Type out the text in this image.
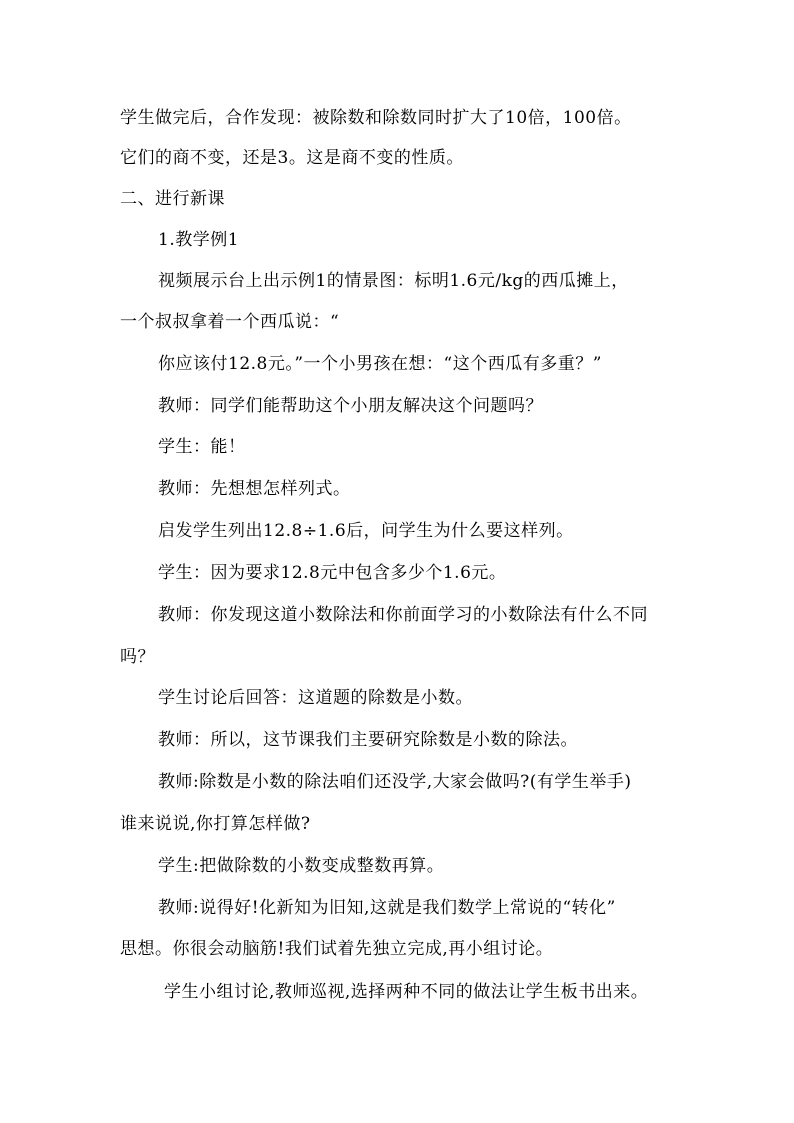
学生做完后，合作发现：被除数和除数同时扩大了10倍，100倍。
它们的商不变，还是3。这是商不变的性质。
二、进行新课
1.教学例1
视频展示台上出示例1的情景图：标明1.6元/kg的西瓜摊上，
一个叔叔拿着一个西瓜说：“
你应该付12.8元。”一个小男孩在想：“这个西瓜有多重？”
教师：同学们能帮助这个小朋友解决这个问题吗？
学生：能！
教师：先想想怎样列式。
启发学生列出12.8÷1.6后，问学生为什么要这样列。
学生：因为要求12.8元中包含多少个1.6元。
教师：你发现这道小数除法和你前面学习的小数除法有什么不同
吗？
学生讨论后回答：这道题的除数是小数。
教师：所以，这节课我们主要研究除数是小数的除法。
教师:除数是小数的除法咱们还没学,大家会做吗?(有学生举手)
谁来说说,你打算怎样做?
学生:把做除数的小数变成整数再算。
教师:说得好!化新知为旧知,这就是我们数学上常说的“转化”
思想。你很会动脑筋!我们试着先独立完成,再小组讨论。
学生小组讨论,教师巡视,选择两种不同的做法让学生板书出来。
